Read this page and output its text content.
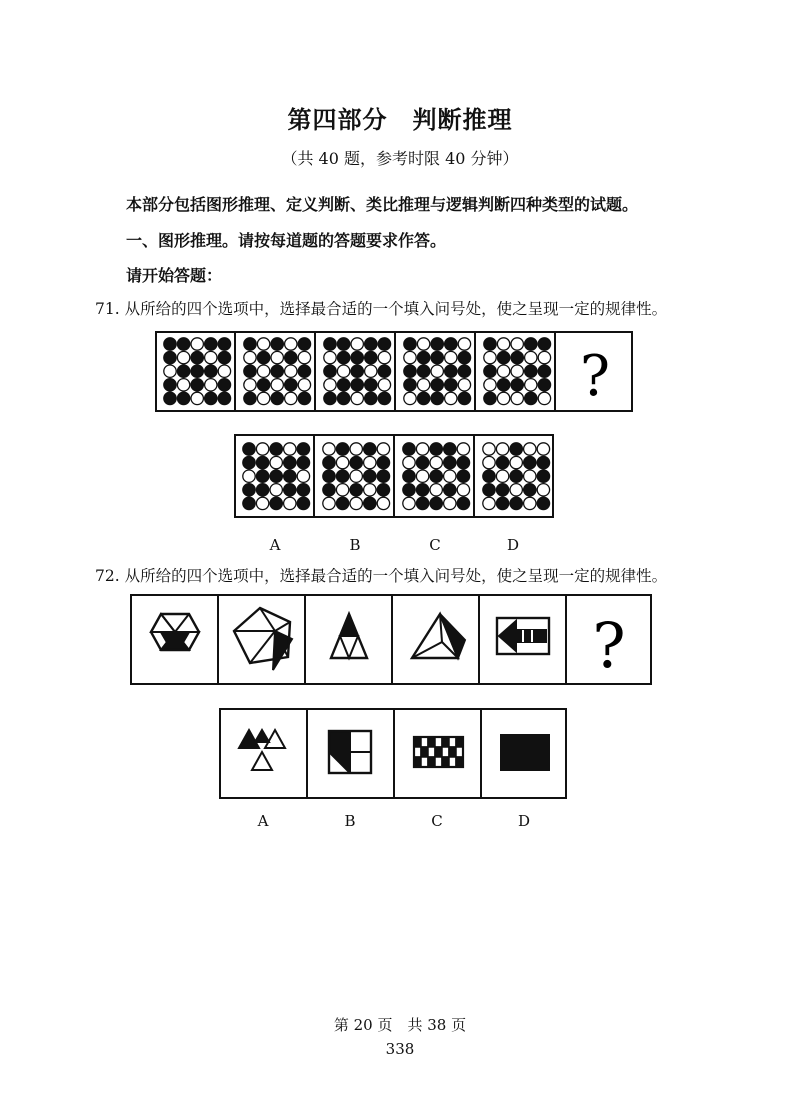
第四部分　判断推理
（共 40 题，参考时限 40 分钟）
本部分包括图形推理、定义判断、类比推理与逻辑判断四种类型的试题。
一、图形推理。请按每道题的答题要求作答。
请开始答题：
71. 从所给的四个选项中，选择最合适的一个填入问号处，使之呈现一定的规律性。
?
A	B	C	D
72. 从所给的四个选项中，选择最合适的一个填入问号处，使之呈现一定的规律性。
?
A	B	C	D
第 20 页　共 38 页
338
